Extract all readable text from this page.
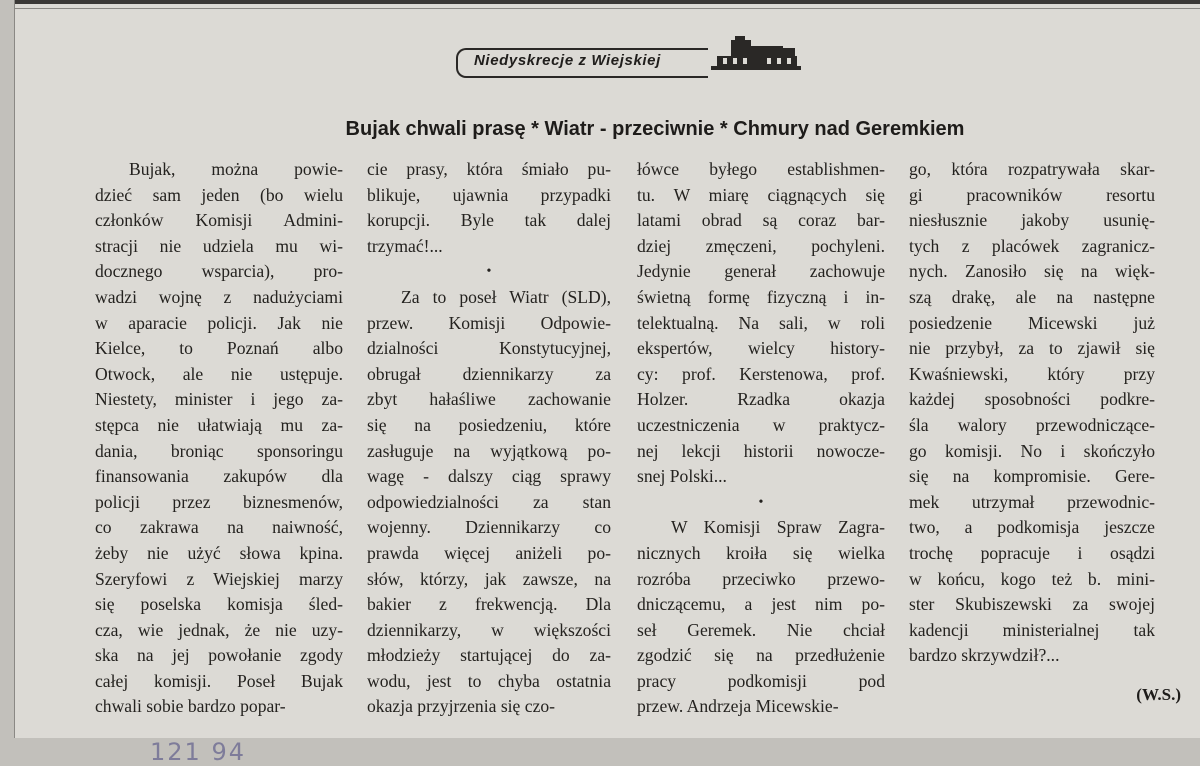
Niedyskrecje z Wiejskiej
Bujak chwali prasę * Wiatr - przeciwnie * Chmury nad Geremkiem
Bujak, można powie-
dzieć sam jeden (bo wielu
członków Komisji Admini-
stracji nie udziela mu wi-
docznego wsparcia), pro-
wadzi wojnę z nadużyciami
w aparacie policji. Jak nie
Kielce, to Poznań albo
Otwock, ale nie ustępuje.
Niestety, minister i jego za-
stępca nie ułatwiają mu za-
dania, broniąc sponsoringu
finansowania zakupów dla
policji przez biznesmenów,
co zakrawa na naiwność,
żeby nie użyć słowa kpina.
Szeryfowi z Wiejskiej marzy
się poselska komisja śled-
cza, wie jednak, że nie uzy-
ska na jej powołanie zgody
całej komisji. Poseł Bujak
chwali sobie bardzo popar-
cie prasy, która śmiało pu-
blikuje, ujawnia przypadki
korupcji. Byle tak dalej
trzymać!...
•
Za to poseł Wiatr (SLD),
przew. Komisji Odpowie-
dzialności Konstytucyjnej,
obrugał dziennikarzy za
zbyt hałaśliwe zachowanie
się na posiedzeniu, które
zasługuje na wyjątkową po-
wagę - dalszy ciąg sprawy
odpowiedzialności za stan
wojenny. Dziennikarzy co
prawda więcej aniżeli po-
słów, którzy, jak zawsze, na
bakier z frekwencją. Dla
dziennikarzy, w większości
młodzieży startującej do za-
wodu, jest to chyba ostatnia
okazja przyjrzenia się czo-
łówce byłego establishmen-
tu. W miarę ciągnących się
latami obrad są coraz bar-
dziej zmęczeni, pochyleni.
Jedynie generał zachowuje
świetną formę fizyczną i in-
telektualną. Na sali, w roli
ekspertów, wielcy history-
cy: prof. Kerstenowa, prof.
Holzer. Rzadka okazja
uczestniczenia w praktycz-
nej lekcji historii nowocze-
snej Polski...
•
W Komisji Spraw Zagra-
nicznych kroiła się wielka
rozróba przeciwko przewo-
dniczącemu, a jest nim po-
seł Geremek. Nie chciał
zgodzić się na przedłużenie
pracy podkomisji pod
przew. Andrzeja Micewskie-
go, która rozpatrywała skar-
gi pracowników resortu
niesłusznie jakoby usunię-
tych z placówek zagranicz-
nych. Zanosiło się na więk-
szą drakę, ale na następne
posiedzenie Micewski już
nie przybył, za to zjawił się
Kwaśniewski, który przy
każdej sposobności podkre-
śla walory przewodniczące-
go komisji. No i skończyło
się na kompromisie. Gere-
mek utrzymał przewodnic-
two, a podkomisja jeszcze
trochę popracuje i osądzi
w końcu, kogo też b. mini-
ster Skubiszewski za swojej
kadencji ministerialnej tak
bardzo skrzywdził?...
(W.S.)
121 94
